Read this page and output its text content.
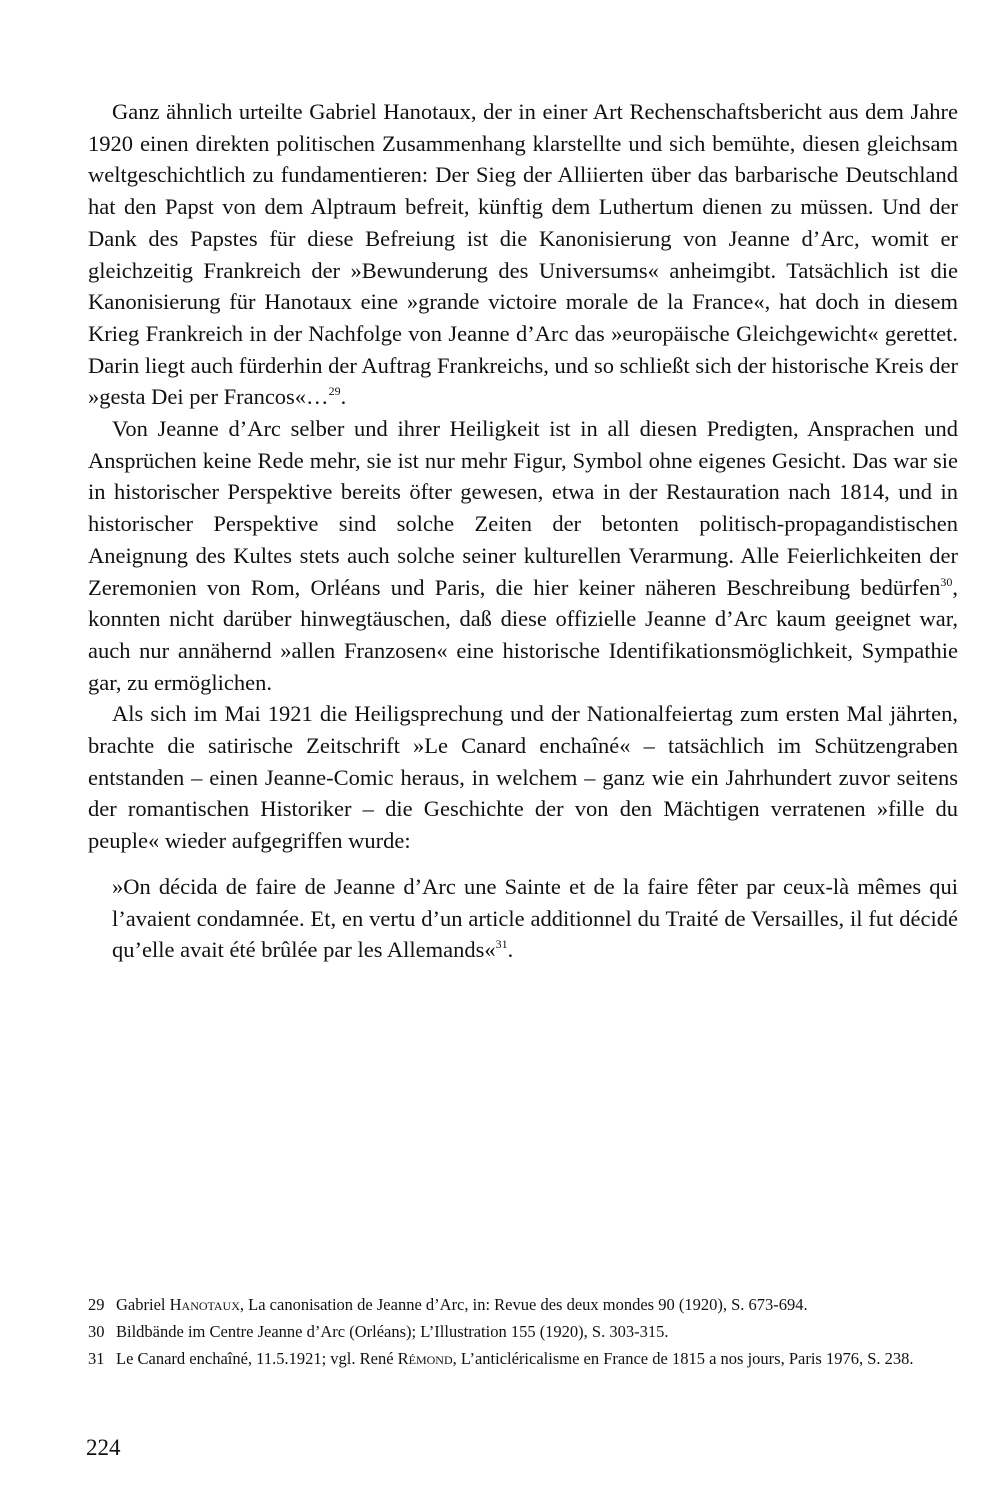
Ganz ähnlich urteilte Gabriel Hanotaux, der in einer Art Rechenschaftsbericht aus dem Jahre 1920 einen direkten politischen Zusammenhang klarstellte und sich bemühte, diesen gleichsam weltgeschichtlich zu fundamentieren: Der Sieg der Alliierten über das barbarische Deutschland hat den Papst von dem Alptraum befreit, künftig dem Luthertum dienen zu müssen. Und der Dank des Papstes für diese Befreiung ist die Kanonisierung von Jeanne d’Arc, womit er gleichzeitig Frankreich der »Bewunderung des Universums« anheimgibt. Tatsächlich ist die Kanonisierung für Hanotaux eine »grande victoire morale de la France«, hat doch in diesem Krieg Frankreich in der Nachfolge von Jeanne d’Arc das »europäische Gleichgewicht« gerettet. Darin liegt auch fürderhin der Auftrag Frankreichs, und so schließt sich der historische Kreis der »gesta Dei per Francos«…$^{29}$.

Von Jeanne d’Arc selber und ihrer Heiligkeit ist in all diesen Predigten, Ansprachen und Ansprüchen keine Rede mehr, sie ist nur mehr Figur, Symbol ohne eigenes Gesicht. Das war sie in historischer Perspektive bereits öfter gewesen, etwa in der Restauration nach 1814, und in historischer Perspektive sind solche Zeiten der betonten politisch-propagandistischen Aneignung des Kultes stets auch solche seiner kulturellen Verarmung. Alle Feierlichkeiten der Zeremonien von Rom, Orléans und Paris, die hier keiner näheren Beschreibung bedürfen$^{30}$, konnten nicht darüber hinwegtäuschen, daß diese offizielle Jeanne d’Arc kaum geeignet war, auch nur annähernd »allen Franzosen« eine historische Identifikationsmöglichkeit, Sympathie gar, zu ermöglichen.

Als sich im Mai 1921 die Heiligsprechung und der Nationalfeiertag zum ersten Mal jährten, brachte die satirische Zeitschrift »Le Canard enchaîné« – tatsächlich im Schützengraben entstanden – einen Jeanne-Comic heraus, in welchem – ganz wie ein Jahrhundert zuvor seitens der romantischen Historiker – die Geschichte der von den Mächtigen verratenen »fille du peuple« wieder aufgegriffen wurde:

»On décida de faire de Jeanne d’Arc une Sainte et de la faire fêter par ceux-là mêmes qui l’avaient condamnée. Et, en vertu d’un article additionnel du Traité de Versailles, il fut décidé qu’elle avait été brûlée par les Allemands«$^{31}$.

29 Gabriel Hanotaux, La canonisation de Jeanne d’Arc, in: Revue des deux mondes 90 (1920), S. 673-694.
30 Bildbände im Centre Jeanne d’Arc (Orléans); L’Illustration 155 (1920), S. 303-315.
31 Le Canard enchaîné, 11.5.1921; vgl. René Rémond, L’anticléricalisme en France de 1815 a nos jours, Paris 1976, S. 238.
224
